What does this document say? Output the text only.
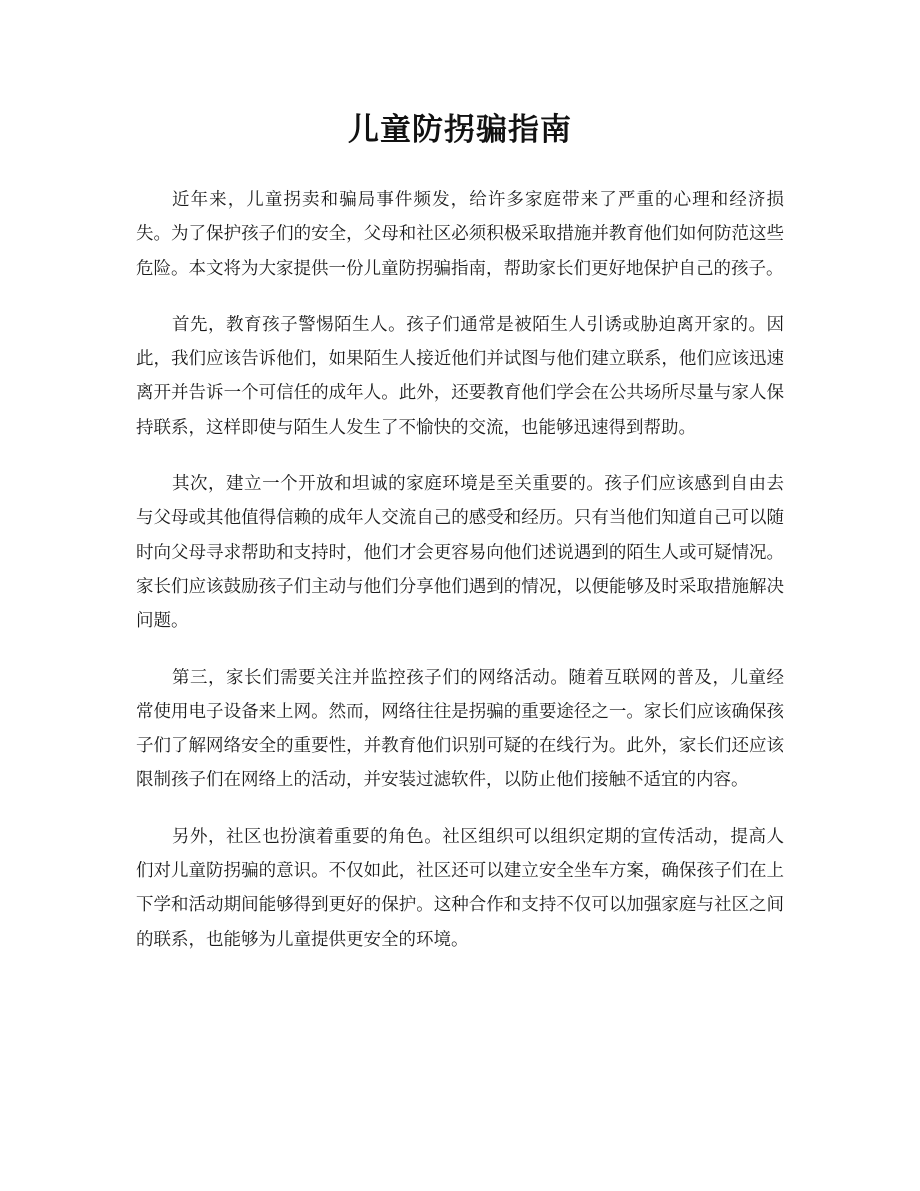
儿童防拐骗指南

近年来，儿童拐卖和骗局事件频发，给许多家庭带来了严重的心理和经济损失。为了保护孩子们的安全，父母和社区必须积极采取措施并教育他们如何防范这些危险。本文将为大家提供一份儿童防拐骗指南，帮助家长们更好地保护自己的孩子。

首先，教育孩子警惕陌生人。孩子们通常是被陌生人引诱或胁迫离开家的。因此，我们应该告诉他们，如果陌生人接近他们并试图与他们建立联系，他们应该迅速离开并告诉一个可信任的成年人。此外，还要教育他们学会在公共场所尽量与家人保持联系，这样即使与陌生人发生了不愉快的交流，也能够迅速得到帮助。

其次，建立一个开放和坦诚的家庭环境是至关重要的。孩子们应该感到自由去与父母或其他值得信赖的成年人交流自己的感受和经历。只有当他们知道自己可以随时向父母寻求帮助和支持时，他们才会更容易向他们述说遇到的陌生人或可疑情况。家长们应该鼓励孩子们主动与他们分享他们遇到的情况，以便能够及时采取措施解决问题。

第三，家长们需要关注并监控孩子们的网络活动。随着互联网的普及，儿童经常使用电子设备来上网。然而，网络往往是拐骗的重要途径之一。家长们应该确保孩子们了解网络安全的重要性，并教育他们识别可疑的在线行为。此外，家长们还应该限制孩子们在网络上的活动，并安装过滤软件，以防止他们接触不适宜的内容。

另外，社区也扮演着重要的角色。社区组织可以组织定期的宣传活动，提高人们对儿童防拐骗的意识。不仅如此，社区还可以建立安全坐车方案，确保孩子们在上下学和活动期间能够得到更好的保护。这种合作和支持不仅可以加强家庭与社区之间的联系，也能够为儿童提供更安全的环境。
